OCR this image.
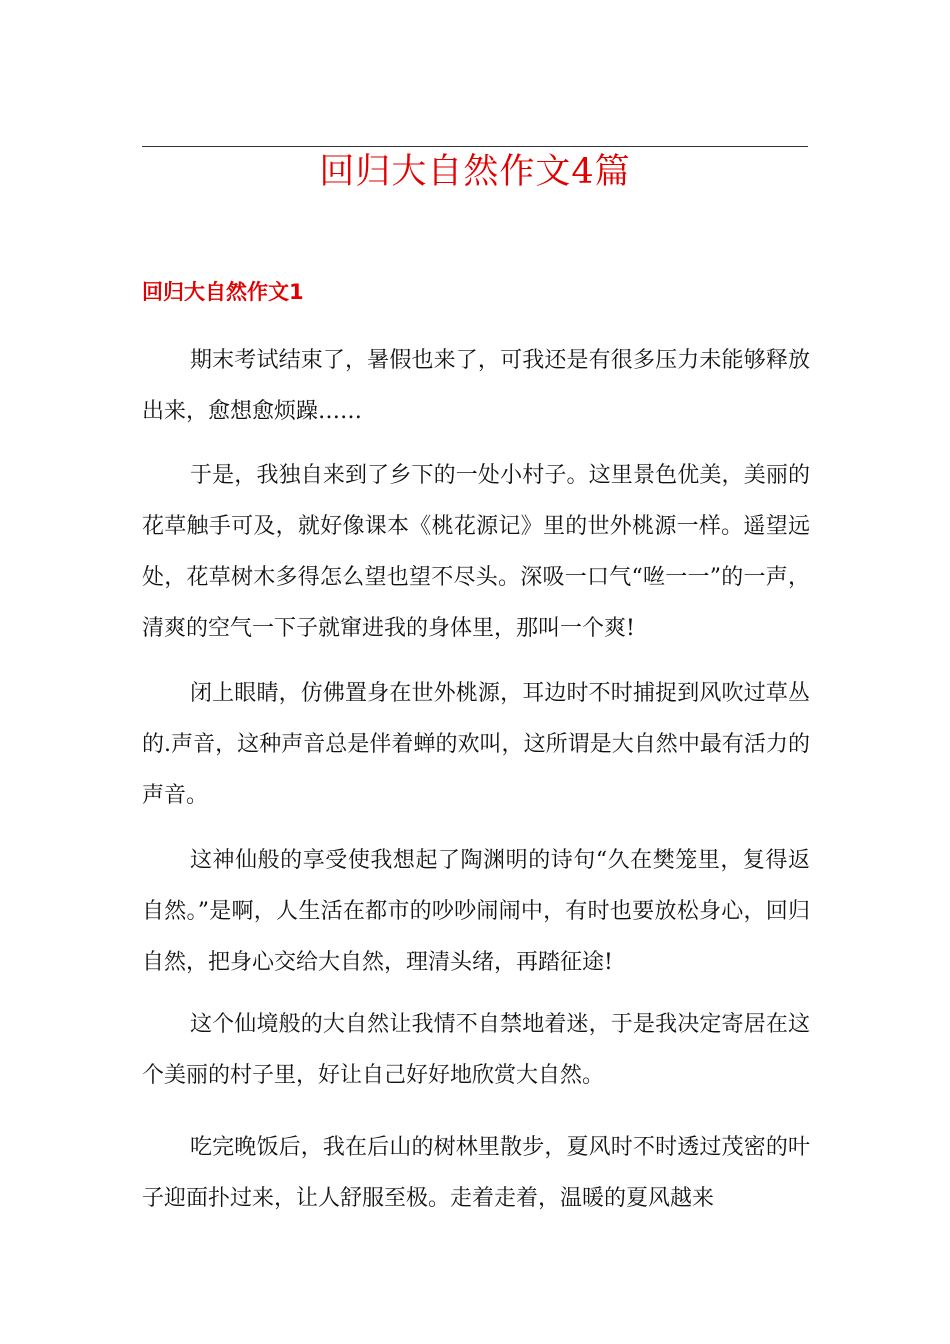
回归大自然作文4篇
回归大自然作文1

期末考试结束了，暑假也来了，可我还是有很多压力未能够释放出来，愈想愈烦躁……

于是，我独自来到了乡下的一处小村子。这里景色优美，美丽的花草触手可及，就好像课本《桃花源记》里的世外桃源一样。遥望远处，花草树木多得怎么望也望不尽头。深吸一口气“咝一一”的一声，清爽的空气一下子就窜进我的身体里，那叫一个爽!

闭上眼睛，仿佛置身在世外桃源，耳边时不时捕捉到风吹过草丛的.声音，这种声音总是伴着蝉的欢叫，这所谓是大自然中最有活力的声音。

这神仙般的享受使我想起了陶渊明的诗句“久在樊笼里，复得返自然。”是啊，人生活在都市的吵吵闹闹中，有时也要放松身心，回归自然，把身心交给大自然，理清头绪，再踏征途!

这个仙境般的大自然让我情不自禁地着迷，于是我决定寄居在这个美丽的村子里，好让自己好好地欣赏大自然。

吃完晚饭后，我在后山的树林里散步，夏风时不时透过茂密的叶子迎面扑过来，让人舒服至极。走着走着，温暖的夏风越来
